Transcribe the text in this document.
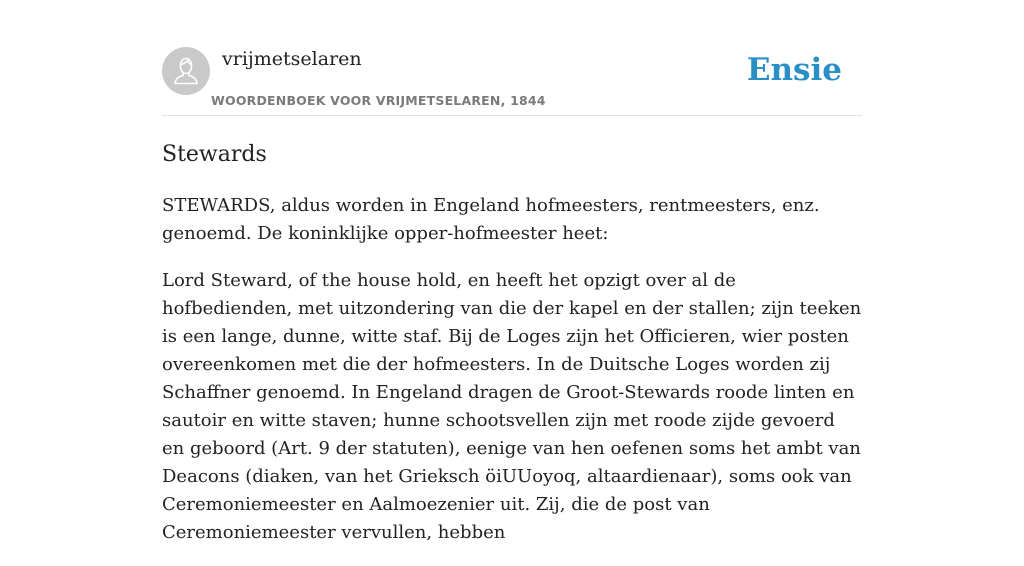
vrijmetselaren
WOORDENBOEK VOOR VRIJMETSELAREN, 1844
Ensie
Stewards

STEWARDS, aldus worden in Engeland hofmeesters, rentmeesters, enz. genoemd. De koninklijke opper-hofmeester heet:

Lord Steward, of the house hold, en heeft het opzigt over al de hofbedienden, met uitzondering van die der kapel en der stallen; zijn teeken is een lange, dunne, witte staf. Bij de Loges zijn het Officieren, wier posten overeenkomen met die der hofmeesters. In de Duitsche Loges worden zij Schaffner genoemd. In Engeland dragen de Groot-Stewards roode linten en sautoir en witte staven; hunne schootsvellen zijn met roode zijde gevoerd en geboord (Art. 9 der statuten), eenige van hen oefenen soms het ambt van Deacons (diaken, van het Grieksch öiUUoyoq, altaardienaar), soms ook van Ceremoniemeester en Aalmoezenier uit. Zij, die de post van Ceremoniemeester vervullen, hebben
